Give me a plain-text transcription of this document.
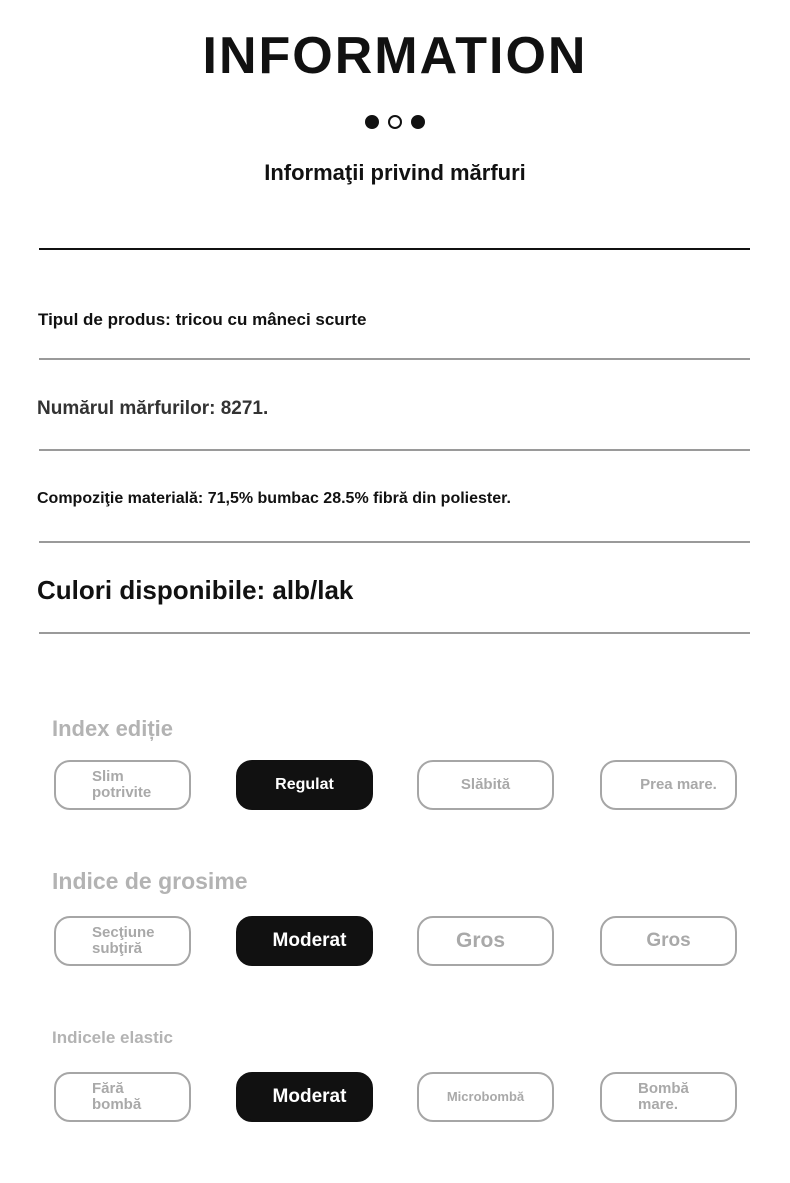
INFORMATION
Informaţii privind mărfuri
Tipul de produs: tricou cu mâneci scurte
Numărul mărfurilor: 8271.
Compoziţie materială: 71,5% bumbac 28.5% fibră din poliester.
Culori disponibile: alb/lak
Index ediție
Slim potrivite	Regulat	Slăbită	Prea mare.
Indice de grosime
Secţiune subţiră	Moderat	Gros	Gros
Indicele elastic
Fără bombă	Moderat	Microbombă	Bombă mare.
